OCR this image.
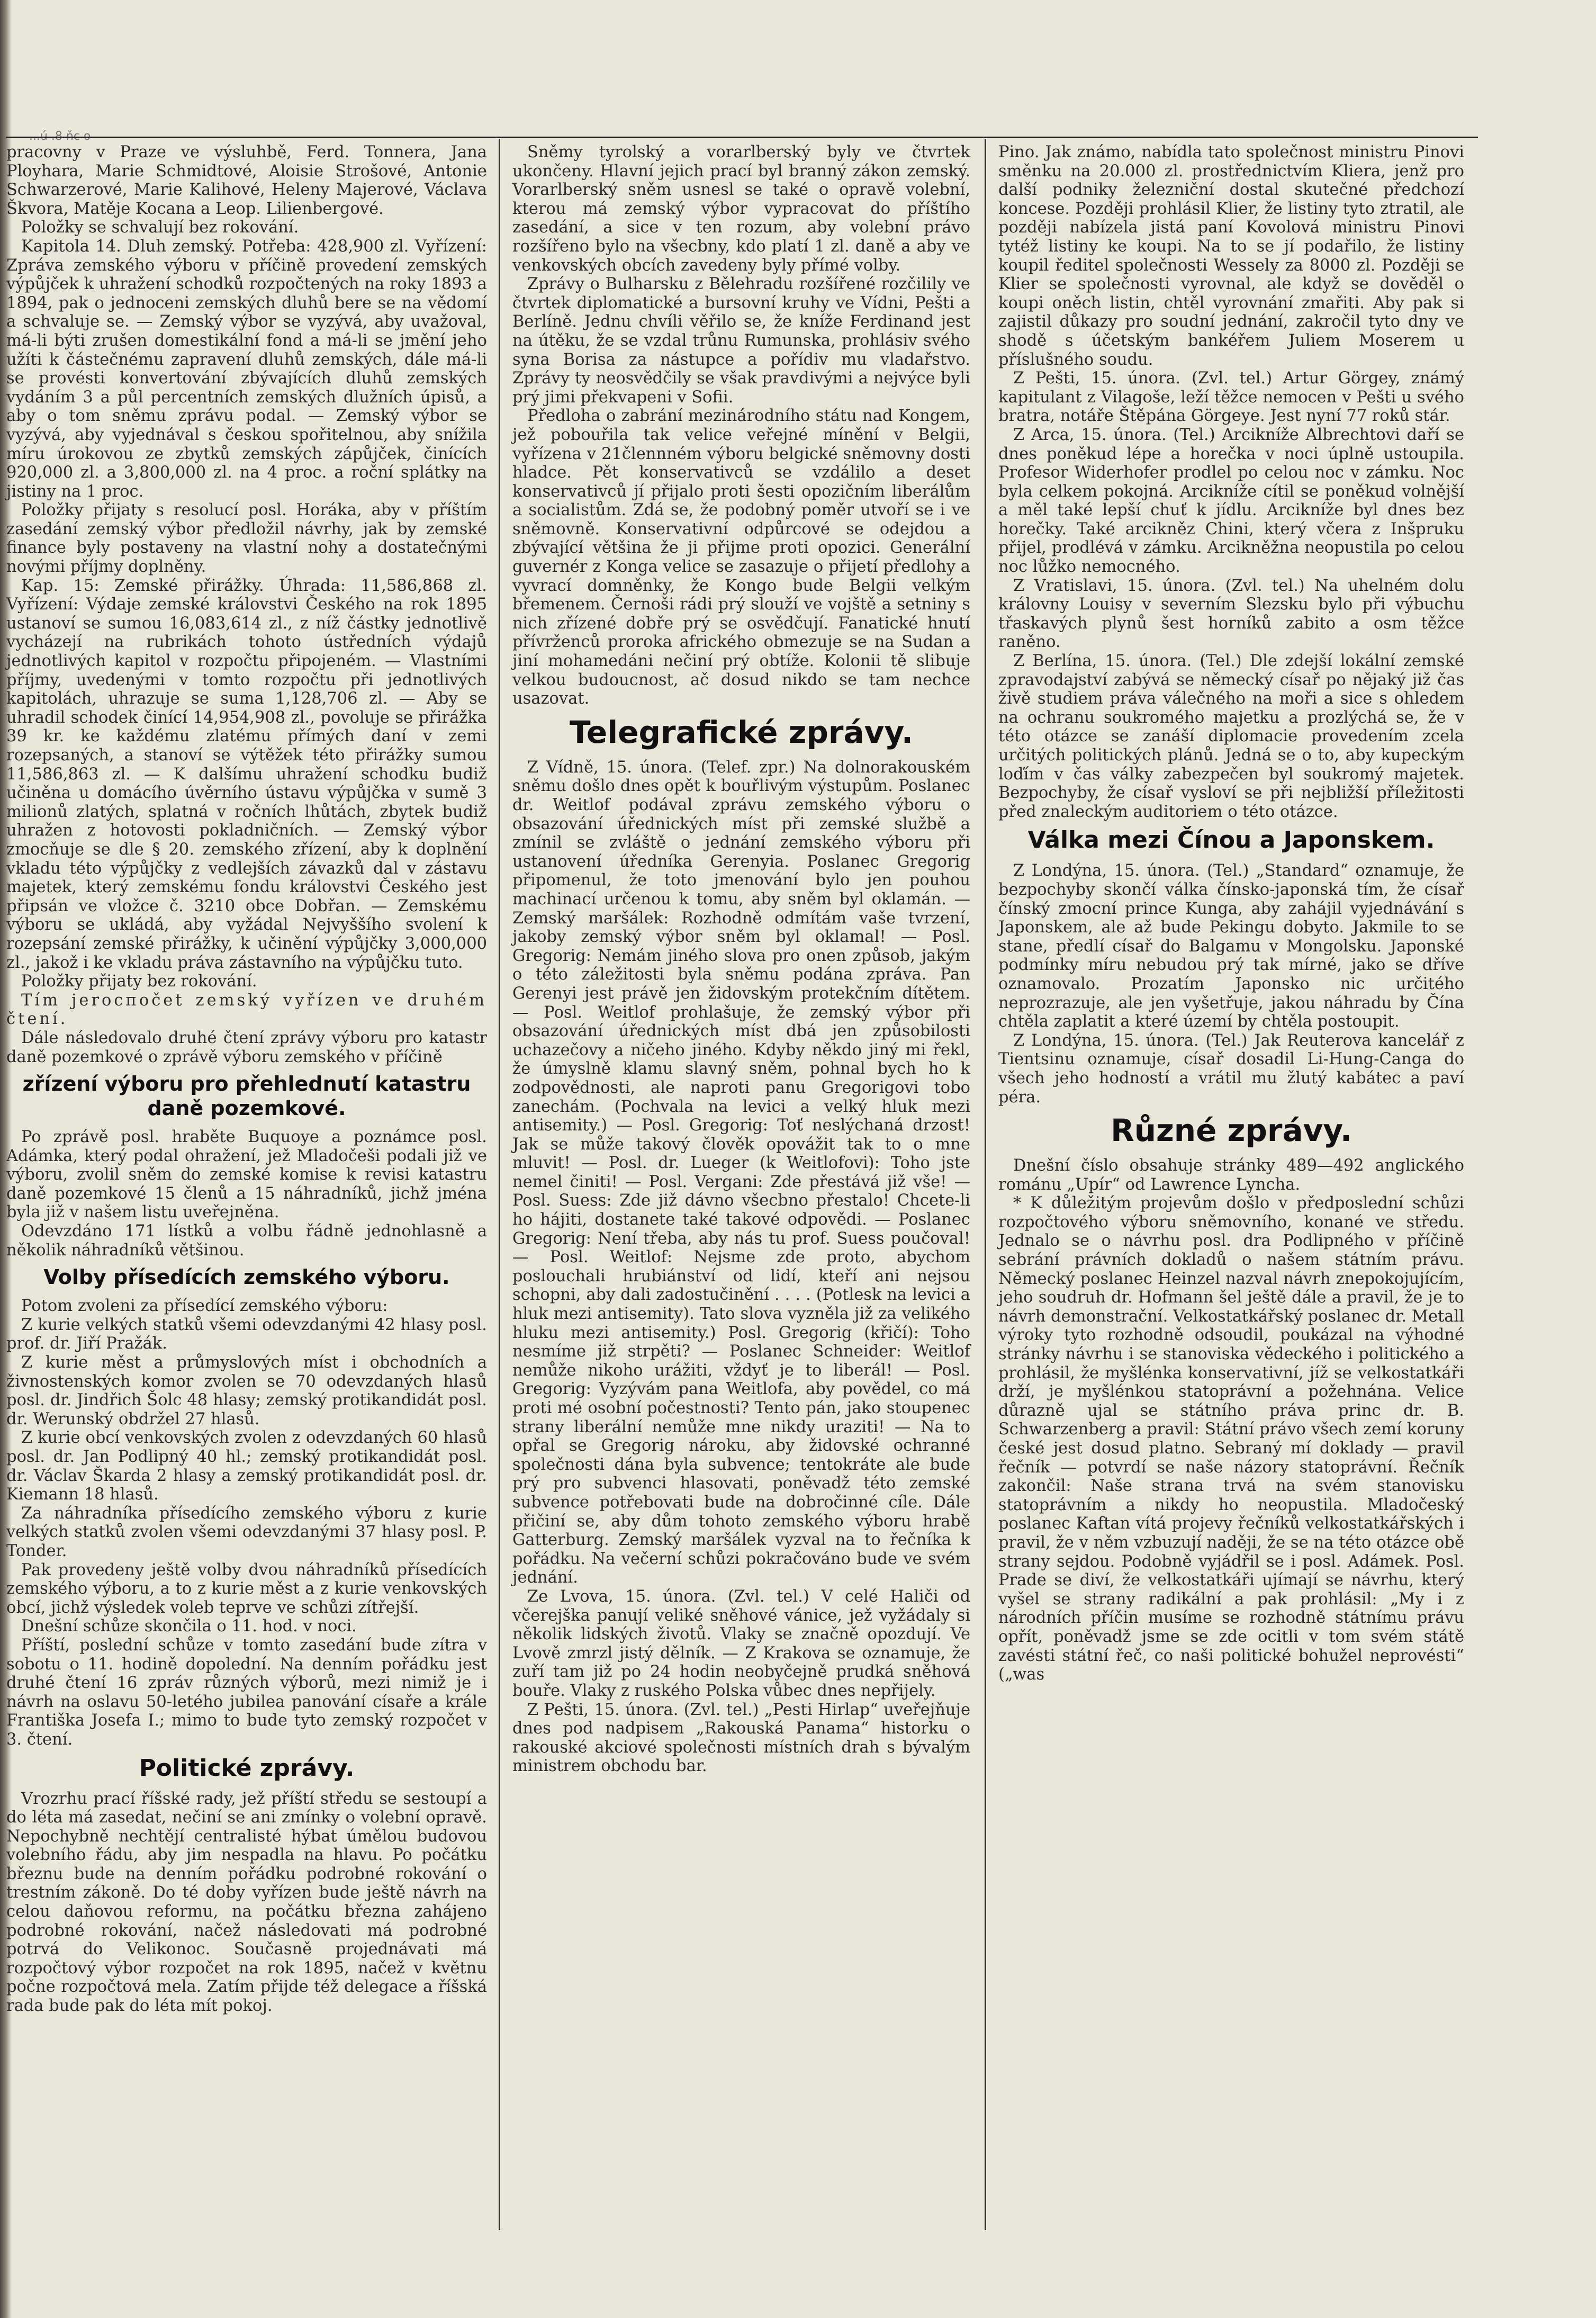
pracovny v Praze ve výsluhbě, Ferd. Tonnera, Jana Ployhara, Marie Schmidtové, Aloisie Strošové, Antonie Schwarzerové, Marie Kalihové, Heleny Majerové, Václava Škvora, Matěje Kocana a Leop. Lilienbergové.

Položky se schvalují bez rokování.

Kapitola 14. Dluh zemský. Potřeba: 428,900 zl. Vyřízení: Zpráva zemského výboru v příčině provedení zemských výpůjček k uhražení schodků rozpočtených na roky 1893 a 1894, pak o jednoceni zemských dluhů bere se na vědomí a schvaluje se. — Zemský výbor se vyzývá, aby uvažoval, má-li býti zrušen domestikální fond a má-li se jmění jeho užíti k částečnému zapravení dluhů zemských, dále má-li se provésti konvertování zbývajících dluhů zemských vydáním 3 a půl percentních zemských dlužních úpisů, a aby o tom sněmu zprávu podal. — Zemský výbor se vyzývá, aby vyjednával s českou spořitelnou, aby snížila míru úrokovou ze zbytků zemských zápůjček, činících 920,000 zl. a 3,800,000 zl. na 4 proc. a roční splátky na jistiny na 1 proc.

Položky přijaty s resolucí posl. Horáka, aby v příštím zasedání zemský výbor předložil návrhy, jak by zemské finance byly postaveny na vlastní nohy a dostatečnými novými příjmy doplněny.

Kap. 15: Zemské přirážky. Úhrada: 11,586,868 zl. Vyřízení: Výdaje zemské královstvi Českého na rok 1895 ustanoví se sumou 16,083,614 zl., z níž částky jednotlivě vycházejí na rubrikách tohoto ústředních výdajů jednotlivých kapitol v rozpočtu připojeném. — Vlastními příjmy, uvedenými v tomto rozpočtu při jednotlivých kapitolách, uhrazuje se suma 1,128,706 zl. — Aby se uhradil schodek činící 14,954,908 zl., povoluje se přirážka 39 kr. ke každému zlatému přímých daní v zemi rozepsaných, a stanoví se výtěžek této přirážky sumou 11,586,863 zl. — K dalšímu uhražení schodku budiž učiněna u domácího úvěrního ústavu výpůjčka v sumě 3 milionů zlatých, splatná v ročních lhůtách, zbytek budiž uhražen z hotovosti pokladničních. — Zemský výbor zmocňuje se dle § 20. zemského zřízení, aby k doplnění vkladu této výpůjčky z vedlejších závazků dal v zástavu majetek, který zemskému fondu královstvi Českého jest připsán ve vložce č. 3210 obce Dobřan. — Zemskému výboru se ukládá, aby vyžádal Nejvyššího svolení k rozepsání zemské přirážky, k učinění výpůjčky 3,000,000 zl., jakož i ke vkladu práva zástavního na výpůjčku tuto.

Položky přijaty bez rokování.

Tím jeroспоčet zemský vyřízen ve druhém čtení.

Dále následovalo druhé čtení zprávy výboru pro katastr daně pozemkové o zprávě výboru zemského v příčině

zřízení výboru pro přehlednutí katastru daně pozemkové.

Po zprávě posl. hraběte Buquoye a poznámce posl. Adámka, který podal ohražení, jež Mladočeši podali již ve výboru, zvolil sněm do zemské komise k revisi katastru daně pozemkové 15 členů a 15 náhradníků, jichž jména byla již v našem listu uveřejněna.

Odevzdáno 171 lístků a volbu řádně jednohlasně a několik náhradníků většinou.

Volby přísedících zemského výboru.

Potom zvoleni za přísedící zemského výboru:

Z kurie velkých statků všemi odevzdanými 42 hlasy posl. prof. dr. Jiří Pražák.

Z kurie měst a průmyslových míst i obchodních a živnostenských komor zvolen se 70 odevzdaných hlasů posl. dr. Jindřich Šolc 48 hlasy; zemský protikandidát posl. dr. Werunský obdržel 27 hlasů.

Z kurie obcí venkovských zvolen z odevzdaných 60 hlasů posl. dr. Jan Podlipný 40 hl.; zemský protikandidát posl. dr. Václav Škarda 2 hlasy a zemský protikandidát posl. dr. Kiemann 18 hlasů.

Za náhradníka přísedícího zemského výboru z kurie velkých statků zvolen všemi odevzdanými 37 hlasy posl. P. Tonder.

Pak provedeny ještě volby dvou náhradníků přísedících zemského výboru, a to z kurie měst a z kurie venkovských obcí, jichž výsledek voleb teprve ve schůzi zítřejší.

Dnešní schůze skončila o 11. hod. v noci.

Příští, poslední schůze v tomto zasedání bude zítra v sobotu o 11. hodině dopolední. Na denním pořádku jest druhé čtení 16 zpráv různých výborů, mezi nimiž je i návrh na oslavu 50-letého jubilea panování císaře a krále Františka Josefa I.; mimo to bude tyto zemský rozpočet v 3. čtení.

Politické zprávy.

Vrozrhu prací říšské rady, jež příští středu se sestoupí a do léta má zasedat, nečiní se ani zmínky o volební opravě. Nepochybně nechtějí centralisté hýbat úmělou budovou volebního řádu, aby jim nespadla na hlavu. Po počátku březnu bude na denním pořádku podrobné rokování o trestním zákoně. Do té doby vyřízen bude ještě návrh na celou daňovou reformu, na počátku března zahájeno podrobné rokování, načež následovati má podrobné potrvá do Velikonoc. Současně projednávati má rozpočtový výbor rozpočet na rok 1895, načež v květnu počne rozpočtová mela. Zatím přijde též delegace a říšská rada bude pak do léta mít pokoj.

Sněmy tyrolský a vorarlberský byly ve čtvrtek ukončeny. Hlavní jejich prací byl branný zákon zemský. Vorarlberský sněm usnesl se také o opravě volební, kterou má zemský výbor vypracovat do příštího zasedání, a sice v ten rozum, aby volební právo rozšířeno bylo na všecbny, kdo platí 1 zl. daně a aby ve venkovských obcích zavedeny byly přímé volby.

Zprávy o Bulharsku z Bělehradu rozšířené rozčilily ve čtvrtek diplomatické a bursovní kruhy ve Vídni, Pešti a Berlíně. Jednu chvíli věřilo se, že kníže Ferdinand jest na útěku, že se vzdal trůnu Rumunska, prohlásiv svého syna Borisa za nástupce a pořídiv mu vladařstvo. Zprávy ty neosvědčily se však pravdivými a nejvýce byli prý jimi překvapeni v Sofii.

Předloha o zabrání mezinárodního státu nad Kongem, jež pobouřila tak velice veřejné mínění v Belgii, vyřízena v 21člennném výboru belgické sněmovny dosti hladce. Pět konservativců se vzdálilo a deset konservativců jí přijalo proti šesti opozičním liberálům a socialistům. Zdá se, že podobný poměr utvoří se i ve sněmovně. Konservativní odpůrcové se odejdou a zbývající většina že ji přijme proti opozici. Generální guvernér z Konga velice se zasazuje o přijetí předlohy a vyvrací domněnky, že Kongo bude Belgii velkým břemenem. Černoši rádi prý slouží ve vojště a setniny s nich zřízené dobře prý se osvědčují. Fanatické hnutí přívrženců proroka afrického obmezuje se na Sudan a jiní mohamedáni nečiní prý obtíže. Kolonii tě slibuje velkou budoucnost, ač dosud nikdo se tam nechce usazovat.

Telegrafické zprávy.

Z Vídně, 15. února. (Telef. zpr.) Na dolnorakouském sněmu došlo dnes opět k bouřlivým výstupům. Poslanec dr. Weitlof podával zprávu zemského výboru o obsazování úřednických míst při zemské službě a zmínil se zvláště o jednání zemského výboru při ustanovení úředníka Gerenyia. Poslanec Gregorig připomenul, že toto jmenování bylo jen pouhou machinací určenou k tomu, aby sněm byl oklamán. — Zemský maršálek: Rozhodně odmítám vaše tvrzení, jakoby zemský výbor sněm byl oklamal! — Posl. Gregorig: Nemám jiného slova pro onen způsob, jakým o této záležitosti byla sněmu podána zpráva. Pan Gerenyi jest právě jen židovským protekčním dítětem. — Posl. Weitlof prohlašuje, že zemský výbor při obsazování úřednických míst dbá jen způsobilosti uchazečovy a ničeho jiného. Kdyby někdo jiný mi řekl, že úmyslně klamu slavný sněm, pohnal bych ho k zodpovědnosti, ale naproti panu Gregorigovi tobo zanechám. (Pochvala na levici a velký hluk mezi antisemity.) — Posl. Gregorig: Toť neslýchaná drzost! Jak se může takový člověk opovážit tak to o mne mluvit! — Posl. dr. Lueger (k Weitlofovi): Toho jste nemel činiti! — Posl. Vergani: Zde přestává již vše! — Posl. Suess: Zde již dávno všecbno přestalo! Chcete-li ho hájiti, dostanete také takové odpovědi. — Poslanec Gregorig: Není třeba, aby nás tu prof. Suess poučoval! — Posl. Weitlof: Nejsme zde proto, abychom poslouchali hrubiánství od lidí, kteří ani nejsou schopni, aby dali zadostučinění . . . . (Potlesk na levici a hluk mezi antisemity). Tato slova vyzněla již za velikého hluku mezi antisemity.) Posl. Gregorig (křičí): Toho nesmíme již strpěti? — Poslanec Schneider: Weitlof nemůže nikoho urážiti, vždyť je to liberál! — Posl. Gregorig: Vyzývám pana Weitlofa, aby povědel, co má proti mé osobní počestnosti? Tento pán, jako stoupenec strany liberální nemůže mne nikdy uraziti! — Na to opřal se Gregorig nároku, aby židovské ochranné společnosti dána byla subvence; tentokráte ale bude prý pro subvenci hlasovati, poněvadž této zemské subvence potřebovati bude na dobročinné cíle. Dále přičiní se, aby dům tohoto zemského výboru hrabě Gatterburg. Zemský maršálek vyzval na to řečníka k pořádku. Na večerní schůzi pokračováno bude ve svém jednání.

Ze Lvova, 15. února. (Zvl. tel.) V celé Haliči od včerejška panují veliké sněhové vánice, jež vyžádaly si několik lidských životů. Vlaky se značně opozdují. Ve Lvově zmrzl jistý dělník. — Z Krakova se oznamuje, že zuří tam již po 24 hodin neobyčejně prudká sněhová bouře. Vlaky z ruského Polska vůbec dnes nepřijely.

Z Pešti, 15. února. (Zvl. tel.) „Pesti Hirlap“ uveřejňuje dnes pod nadpisem „Rakouská Panama“ historku o rakouské akciové společnosti místních drah s bývalým ministrem obchodu bar.

Pino. Jak známo, nabídla tato společnost ministru Pinovi směnku na 20.000 zl. prostřednictvím Kliera, jenž pro další podniky železniční dostal skutečné předchozí koncese. Později prohlásil Klier, že listiny tyto ztratil, ale později nabízela jistá paní Kovolová ministru Pinovi tytéž listiny ke koupi. Na to se jí podařilo, že listiny koupil ředitel společnosti Wessely za 8000 zl. Později se Klier se společnosti vyrovnal, ale když se dověděl o koupi oněch listin, chtěl vyrovnání zmařiti. Aby pak si zajistil důkazy pro soudní jednání, zakročil tyto dny ve shodě s účetským bankéřem Juliem Moserem u příslušného soudu.

Z Pešti, 15. února. (Zvl. tel.) Artur Görgey, známý kapitulant z Vilagoše, leží těžce nemocen v Pešti u svého bratra, notáře Štěpána Görgeye. Jest nyní 77 roků stár.

Z Arca, 15. února. (Tel.) Arcikníže Albrechtovi daří se dnes poněkud lépe a horečka v noci úplně ustoupila. Profesor Widerhofer prodlel po celou noc v zámku. Noc byla celkem pokojná. Arcikníže cítil se poněkud volnější a měl také lepší chuť k jídlu. Arcikníže byl dnes bez horečky. Také arcikněz Chini, který včera z Inšpruku přijel, prodlévá v zámku. Arcikněžna neopustila po celou noc lůžko nemocného.

Z Vratislavi, 15. února. (Zvl. tel.) Na uhelném dolu královny Louisy v severním Slezsku bylo při výbuchu třaskavých plynů šest horníků zabito a osm těžce raněno.

Z Berlína, 15. února. (Tel.) Dle zdejší lokální zemské zpravodajství zabývá se německý císař po nějaký již čas živě studiem práva válečného na moři a sice s ohledem na ochranu soukromého majetku a prozlýchá se, že v této otázce se zanáší diplomacie provedením zcela určitých politických plánů. Jedná se o to, aby kupeckým loďím v čas války zabezpečen byl soukromý majetek. Bezpochyby, že císař vysloví se při nejbližší příležitosti před znaleckým auditoriem o této otázce.

Válka mezi Čínou a Japonskem.

Z Londýna, 15. února. (Tel.) „Standard“ oznamuje, že bezpochyby skončí válka čínsko-japonská tím, že císař čínský zmocní prince Kunga, aby zahájil vyjednávání s Japonskem, ale až bude Pekingu dobyto. Jakmile to se stane, předlí císař do Balgamu v Mongolsku. Japonské podmínky míru nebudou prý tak mírné, jako se dříve oznamovalo. Prozatím Japonsko nic určitého neprozrazuje, ale jen vyšetřuje, jakou náhradu by Čína chtěla zaplatit a které území by chtěla postoupit.

Z Londýna, 15. února. (Tel.) Jak Reuterova kancelář z Tientsinu oznamuje, císař dosadil Li-Hung-Canga do všech jeho hodností a vrátil mu žlutý kabátec a paví péra.

Různé zprávy.

Dnešní číslo obsahuje stránky 489—492 anglického románu „Upír“ od Lawrence Lyncha.

* K důležitým projevům došlo v předposlední schůzi rozpočtového výboru sněmovního, konané ve středu. Jednalo se o návrhu posl. dra Podlipného v příčině sebrání právních dokladů o našem státním právu. Německý poslanec Heinzel nazval návrh znepokojujícím, jeho soudruh dr. Hofmann šel ještě dále a pravil, že je to návrh demonstrační. Velkostatkářský poslanec dr. Metall výroky tyto rozhodně odsoudil, poukázal na výhodné stránky návrhu i se stanoviska vědeckého i politického a prohlásil, že myšlénka konservativní, jíž se velkostatkáři drží, je myšlénkou statoprávní a požehnána. Velice důrazně ujal se státního práva princ dr. B. Schwarzenberg a pravil: Státní právo všech zemí koruny české jest dosud platno. Sebraný mí doklady — pravil řečník — potvrdí se naše názory statoprávní. Řečník zakončil: Naše strana trvá na svém stanovisku statoprávním a nikdy ho neopustila. Mladočeský poslanec Kaftan vítá projevy řečníků velkostatkářských i pravil, že v něm vzbuzují naději, že se na této otázce obě strany sejdou. Podobně vyjádřil se i posl. Adámek. Posl. Prade se diví, že velkostatkáři ujímají se návrhu, který vyšel se strany radikální a pak prohlásil: „My i z národních příčin musíme se rozhodně státnímu právu opřít, poněvadž jsme se zde ocitli v tom svém státě zavésti státní řeč, co naši politické bohužel neprovésti“ („was
